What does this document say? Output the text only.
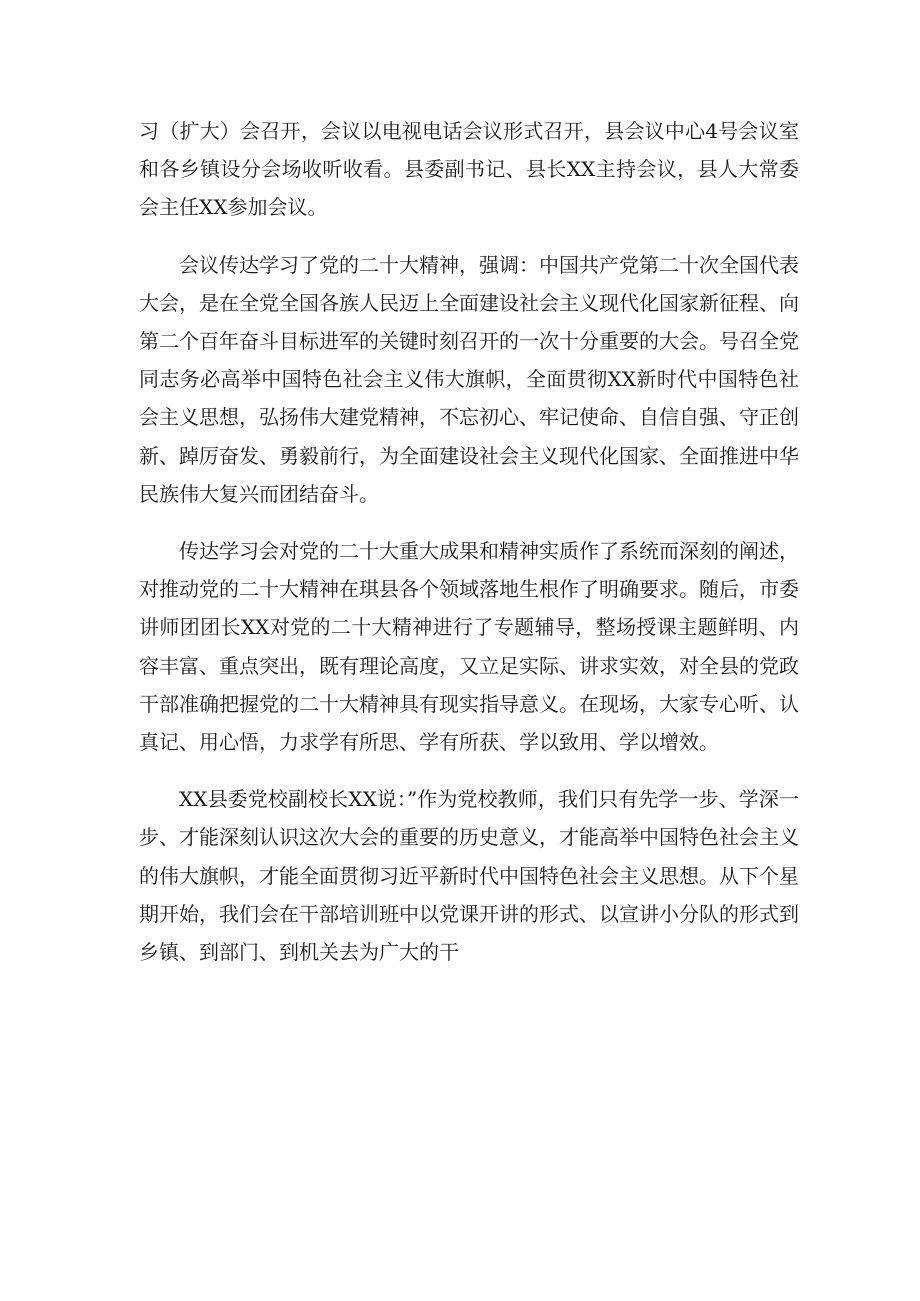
习（扩大）会召开，会议以电视电话会议形式召开，县会议中心4号会议室和各乡镇设分会场收听收看。县委副书记、县长XX主持会议，县人大常委会主任XX参加会议。

会议传达学习了党的二十大精神，强调：中国共产党第二十次全国代表大会，是在全党全国各族人民迈上全面建设社会主义现代化国家新征程、向第二个百年奋斗目标进军的关键时刻召开的一次十分重要的大会。号召全党同志务必高举中国特色社会主义伟大旗帜，全面贯彻XX新时代中国特色社会主义思想，弘扬伟大建党精神，不忘初心、牢记使命、自信自强、守正创新、踔厉奋发、勇毅前行，为全面建设社会主义现代化国家、全面推进中华民族伟大复兴而团结奋斗。

传达学习会对党的二十大重大成果和精神实质作了系统而深刻的阐述，对推动党的二十大精神在琪县各个领域落地生根作了明确要求。随后，市委讲师团团长XX对党的二十大精神进行了专题辅导，整场授课主题鲜明、内容丰富、重点突出，既有理论高度，又立足实际、讲求实效，对全县的党政干部准确把握党的二十大精神具有现实指导意义。在现场，大家专心听、认真记、用心悟，力求学有所思、学有所获、学以致用、学以增效。

XX县委党校副校长XX说：”作为党校教师，我们只有先学一步、学深一步、才能深刻认识这次大会的重要的历史意义，才能高举中国特色社会主义的伟大旗帜，才能全面贯彻习近平新时代中国特色社会主义思想。从下个星期开始，我们会在干部培训班中以党课开讲的形式、以宣讲小分队的形式到乡镇、到部门、到机关去为广大的干
